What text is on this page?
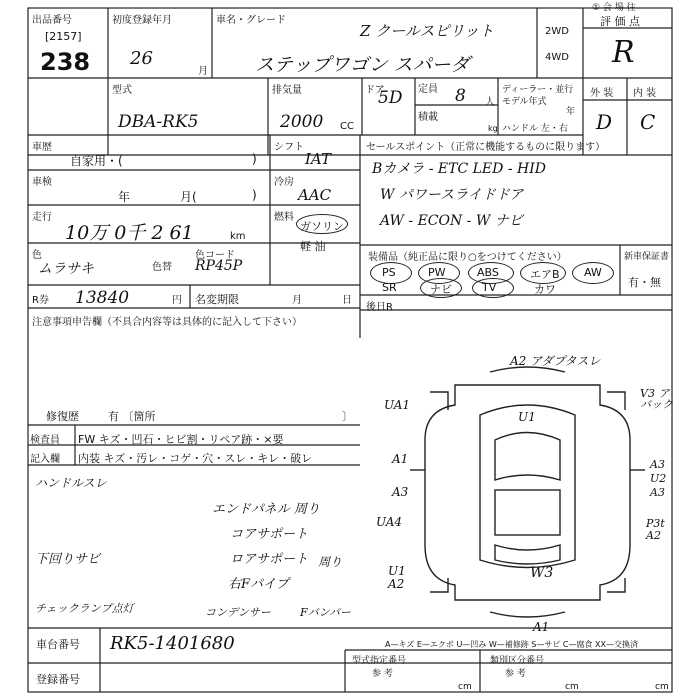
出品番号
[2157]
238
初度登録年月
26
月
車名・グレード
Z クールスピリット
ステップワゴン スパーダ
2WD
4WD
評 価 点
R
① 会 場 往
型式
DBA-RK5
排気量
2000 CC
ドア
5D 定員 8 人
積載
kg
ディーラー・並行
モデル年式
年
ハンドル 左・右
外 装 内 装
D C
車歴
自家用・(	)
シフト
IAT
車検
年	月(	)
冷房
AAC
走行
10万 0千 2 61	km
燃料
ガソリン
軽 油
色
ムラサキ	色替
色コード
RP45P
R券 13840	円 名変期限	月	日
セールスポイント（正常に機能するものに限ります）
Bカメラ - ETC LED - HID
W パワースライドドア
AW - ECON - W ナビ
装備品（純正品に限り○をつけてください）	新車保証書
有・無
PS	PW	ABS	エアB AW
SR	ナビ	TV	カワ
後日R
注意事項申告欄（不具合内容等は具体的に記入して下さい）
修復歴	有 〔箇所	〕
検査員
記入欄
FW キズ・凹石・ヒビ割・リペア跡・×要
内装 キズ・汚レ・コゲ・穴・スレ・キレ・破レ
ハンドルスレ
エンドパネル 周り
コアサポート
下回りサビ	ロアサポート 周り
右Fパイプ
チェックランプ点灯	コンデンサー	Fバンパー
A2 アダプタスレ
V3 アバック
UA1
U1
A1
A3
UA4
U1 A2
A3
U2
A3
P3t A2
W3
A1
A—キズ E—エクボ U—凹み W—補修跡 S—サビ C—腐食 XX—交換済
車台番号 RK5-1401680
登録番号
型式指定番号	類別区分番号
参 考	参 考
cm	cm	cm
